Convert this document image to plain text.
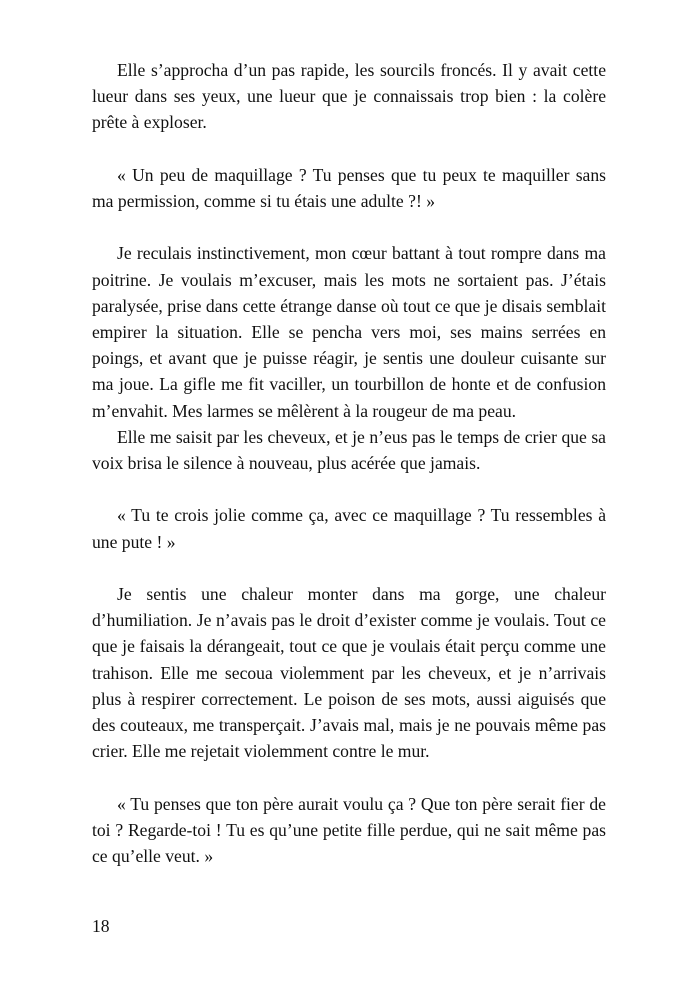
Elle s’approcha d’un pas rapide, les sourcils froncés. Il y avait cette lueur dans ses yeux, une lueur que je connaissais trop bien : la colère prête à exploser.

« Un peu de maquillage ? Tu penses que tu peux te maquiller sans ma permission, comme si tu étais une adulte ?! »

Je reculais instinctivement, mon cœur battant à tout rompre dans ma poitrine. Je voulais m’excuser, mais les mots ne sortaient pas. J’étais paralysée, prise dans cette étrange danse où tout ce que je disais semblait empirer la situation. Elle se pencha vers moi, ses mains serrées en poings, et avant que je puisse réagir, je sentis une douleur cuisante sur ma joue. La gifle me fit vaciller, un tourbillon de honte et de confusion m’envahit. Mes larmes se mêlèrent à la rougeur de ma peau.

Elle me saisit par les cheveux, et je n’eus pas le temps de crier que sa voix brisa le silence à nouveau, plus acérée que jamais.

« Tu te crois jolie comme ça, avec ce maquillage ? Tu ressembles à une pute ! »

Je sentis une chaleur monter dans ma gorge, une chaleur d’humiliation. Je n’avais pas le droit d’exister comme je voulais. Tout ce que je faisais la dérangeait, tout ce que je voulais était perçu comme une trahison. Elle me secoua violemment par les cheveux, et je n’arrivais plus à respirer correctement. Le poison de ses mots, aussi aiguisés que des couteaux, me transperçait. J’avais mal, mais je ne pouvais même pas crier. Elle me rejetait violemment contre le mur.

« Tu penses que ton père aurait voulu ça ? Que ton père serait fier de toi ? Regarde-toi ! Tu es qu’une petite fille perdue, qui ne sait même pas ce qu’elle veut. »

18
